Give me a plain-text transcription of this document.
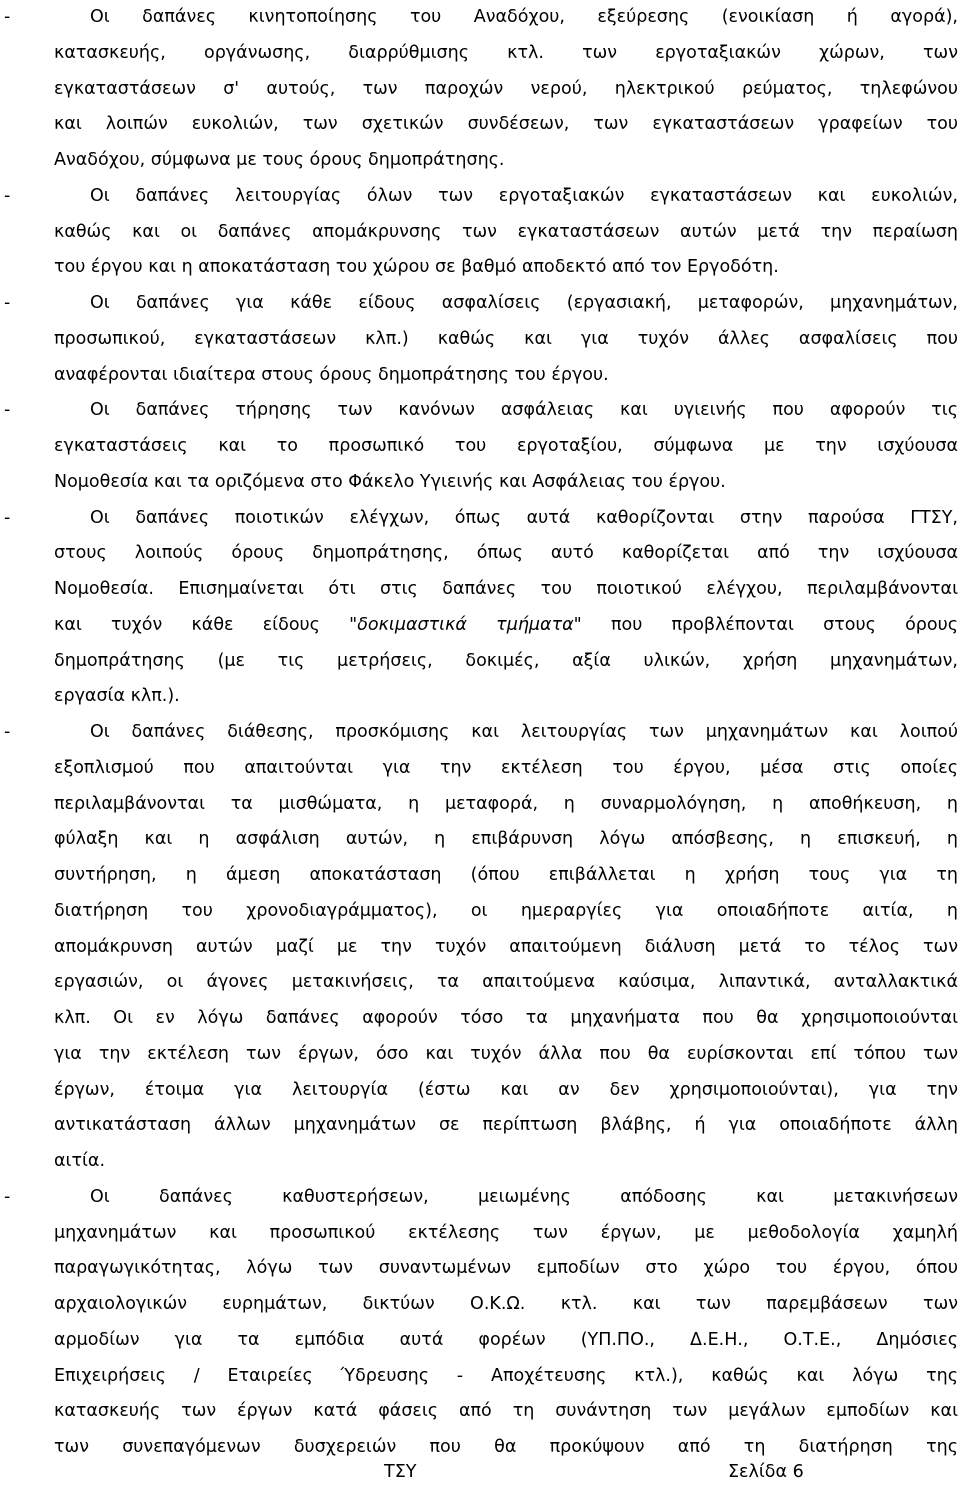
-	Οι δαπάνες κινητοποίησης του Αναδόχου, εξεύρεσης (ενοικίαση ή αγορά),
κατασκευής, οργάνωσης, διαρρύθμισης κτλ. των εργοταξιακών χώρων, των
εγκαταστάσεων σ' αυτούς, των παροχών νερού, ηλεκτρικού ρεύματος, τηλεφώνου
και λοιπών ευκολιών, των σχετικών συνδέσεων, των εγκαταστάσεων γραφείων του
Αναδόχου, σύμφωνα με τους όρους δημοπράτησης.
-	Οι δαπάνες λειτουργίας όλων των εργοταξιακών εγκαταστάσεων και ευκολιών,
καθώς και οι δαπάνες απομάκρυνσης των εγκαταστάσεων αυτών μετά την περαίωση
του έργου και η αποκατάσταση του χώρου σε βαθμό αποδεκτό από τον Εργοδότη.
-	Οι δαπάνες για κάθε είδους ασφαλίσεις (εργασιακή, μεταφορών, μηχανημάτων,
προσωπικού, εγκαταστάσεων κλπ.) καθώς και για τυχόν άλλες ασφαλίσεις που
αναφέρονται ιδιαίτερα στους όρους δημοπράτησης του έργου.
-	Οι δαπάνες τήρησης των κανόνων ασφάλειας και υγιεινής που αφορούν τις
εγκαταστάσεις και το προσωπικό του εργοταξίου, σύμφωνα με την ισχύουσα
Νομοθεσία και τα οριζόμενα στο Φάκελο Υγιεινής και Ασφάλειας του έργου.
-	Οι δαπάνες ποιοτικών ελέγχων, όπως αυτά καθορίζονται στην παρούσα ΓΤΣΥ,
στους λοιπούς όρους δημοπράτησης, όπως αυτό καθορίζεται από την ισχύουσα
Νομοθεσία. Επισημαίνεται ότι στις δαπάνες του ποιοτικού ελέγχου, περιλαμβάνονται
και τυχόν κάθε είδους "δοκιμαστικά τμήματα" που προβλέπονται στους όρους
δημοπράτησης (με τις μετρήσεις, δοκιμές, αξία υλικών, χρήση μηχανημάτων,
εργασία κλπ.).
-	Οι δαπάνες διάθεσης, προσκόμισης και λειτουργίας των μηχανημάτων και λοιπού
εξοπλισμού που απαιτούνται για την εκτέλεση του έργου, μέσα στις οποίες
περιλαμβάνονται τα μισθώματα, η μεταφορά, η συναρμολόγηση, η αποθήκευση, η
φύλαξη και η ασφάλιση αυτών, η επιβάρυνση λόγω απόσβεσης, η επισκευή, η
συντήρηση, η άμεση αποκατάσταση (όπου επιβάλλεται η χρήση τους για τη
διατήρηση του χρονοδιαγράμματος), οι ημεραργίες για οποιαδήποτε αιτία, η
απομάκρυνση αυτών μαζί με την τυχόν απαιτούμενη διάλυση μετά το τέλος των
εργασιών, οι άγονες μετακινήσεις, τα απαιτούμενα καύσιμα, λιπαντικά, ανταλλακτικά
κλπ. Οι εν λόγω δαπάνες αφορούν τόσο τα μηχανήματα που θα χρησιμοποιούνται
για την εκτέλεση των έργων, όσο και τυχόν άλλα που θα ευρίσκονται επί τόπου των
έργων, έτοιμα για λειτουργία (έστω και αν δεν χρησιμοποιούνται), για την
αντικατάσταση άλλων μηχανημάτων σε περίπτωση βλάβης, ή για οποιαδήποτε άλλη
αιτία.
-	Οι δαπάνες καθυστερήσεων, μειωμένης απόδοσης και μετακινήσεων
μηχανημάτων και προσωπικού εκτέλεσης των έργων, με μεθοδολογία χαμηλή
παραγωγικότητας, λόγω των συναντωμένων εμποδίων στο χώρο του έργου, όπου
αρχαιολογικών ευρημάτων, δικτύων Ο.Κ.Ω. κτλ. και των παρεμβάσεων των
αρμοδίων για τα εμπόδια αυτά φορέων (ΥΠ.ΠΟ., Δ.Ε.Η., Ο.Τ.Ε., Δημόσιες
Επιχειρήσεις / Εταιρείες Ύδρευσης - Αποχέτευσης κτλ.), καθώς και λόγω της
κατασκευής των έργων κατά φάσεις από τη συνάντηση των μεγάλων εμποδίων και
των συνεπαγόμενων δυσχερειών που θα προκύψουν από τη διατήρηση της
ΤΣΥ	Σελίδα 6
